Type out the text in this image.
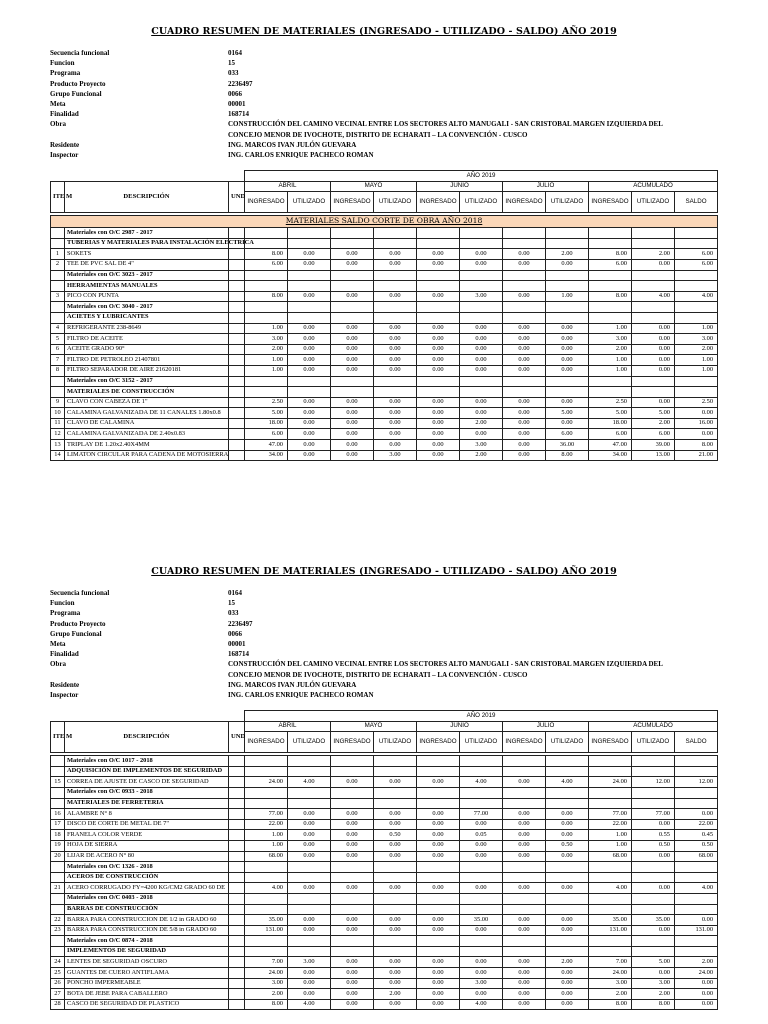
CUADRO RESUMEN DE MATERIALES (INGRESADO - UTILIZADO - SALDO) AÑO 2019
Secuencia funcional	0164
Funcion	15
Programa	033
Producto Proyecto	2236497
Grupo Funcional	0066
Meta	00001
Finalidad	168714
Obra	CONSTRUCCIÓN DEL CAMINO VECINAL ENTRE LOS SECTORES ALTO MANUGALI - SAN CRISTOBAL MARGEN IZQUIERDA DEL CONCEJO MENOR DE IVOCHOTE, DISTRITO DE ECHARATI – LA CONVENCIÓN - CUSCO
Residente	ING. MARCOS IVAN JULÓN GUEVARA
Inspector	ING. CARLOS ENRIQUE PACHECO ROMAN
			AÑO 2019										
ITE M	DESCRIPCIÓN	UND	ABRIL		MAYO		JUNIO		JULIO		ACUMULADO		
			INGRESADO	UTILIZADO	INGRESADO	UTILIZADO	INGRESADO	UTILIZADO	INGRESADO	UTILIZADO	INGRESADO	UTILIZADO	SALDO

MATERIALES SALDO CORTE DE OBRA AÑO 2018													
	Materiales con O/C 2987 - 2017												
	TUBERIAS Y MATERIALES PARA INSTALACIÓN ELECTRICA												
1	SOKETS		8.00	0.00	0.00	0.00	0.00	0.00	0.00	2.00	8.00	2.00	6.00
2	TEE DE PVC SAL DE 4"		6.00	0.00	0.00	0.00	0.00	0.00	0.00	0.00	6.00	0.00	6.00
	Materiales con O/C 3023 - 2017												
	HERRAMIENTAS MANUALES												
3	PICO CON PUNTA		8.00	0.00	0.00	0.00	0.00	3.00	0.00	1.00	8.00	4.00	4.00
	Materiales con O/C 3040 - 2017												
	ACIETES Y LUBRICANTES												
4	REFRIGERANTE 238-8649		1.00	0.00	0.00	0.00	0.00	0.00	0.00	0.00	1.00	0.00	1.00
5	FILTRO DE ACEITE		3.00	0.00	0.00	0.00	0.00	0.00	0.00	0.00	3.00	0.00	3.00
6	ACEITE GRADO 90°		2.00	0.00	0.00	0.00	0.00	0.00	0.00	0.00	2.00	0.00	2.00
7	FILTRO DE PETROLEO 21407801		1.00	0.00	0.00	0.00	0.00	0.00	0.00	0.00	1.00	0.00	1.00
8	FILTRO SEPARADOR DE AIRE 21620181		1.00	0.00	0.00	0.00	0.00	0.00	0.00	0.00	1.00	0.00	1.00
	Materiales con O/C 3152 - 2017												
	MATERIALES DE CONSTRUCCIÓN												
9	CLAVO CON CABEZA DE 1"		2.50	0.00	0.00	0.00	0.00	0.00	0.00	0.00	2.50	0.00	2.50
10	CALAMINA GALVANIZADA DE 11 CANALES 1.80x0.8		5.00	0.00	0.00	0.00	0.00	0.00	0.00	5.00	5.00	5.00	0.00
11	CLAVO DE CALAMINA		18.00	0.00	0.00	0.00	0.00	2.00	0.00	0.00	18.00	2.00	16.00
12	CALAMINA GALVANIZADA DE 2.40x0.83		6.00	0.00	0.00	0.00	0.00	0.00	0.00	6.00	6.00	6.00	0.00
13	TRIPLAY DE 1.20x2.40X4MM		47.00	0.00	0.00	0.00	0.00	3.00	0.00	36.00	47.00	39.00	8.00
14	LIMATON CIRCULAR PARA CADENA DE MOTOSIERRA		34.00	0.00	0.00	3.00	0.00	2.00	0.00	8.00	34.00	13.00	21.00
CUADRO RESUMEN DE MATERIALES (INGRESADO - UTILIZADO - SALDO) AÑO 2019
Secuencia funcional	0164
Funcion	15
Programa	033
Producto Proyecto	2236497
Grupo Funcional	0066
Meta	00001
Finalidad	168714
Obra	CONSTRUCCIÓN DEL CAMINO VECINAL ENTRE LOS SECTORES ALTO MANUGALI - SAN CRISTOBAL MARGEN IZQUIERDA DEL CONCEJO MENOR DE IVOCHOTE, DISTRITO DE ECHARATI – LA CONVENCIÓN - CUSCO
Residente	ING. MARCOS IVAN JULÓN GUEVARA
Inspector	ING. CARLOS ENRIQUE PACHECO ROMAN
			AÑO 2019										
ITE M	DESCRIPCIÓN	UND	ABRIL		MAYO		JUNIO		JULIO		ACUMULADO		
			INGRESADO	UTILIZADO	INGRESADO	UTILIZADO	INGRESADO	UTILIZADO	INGRESADO	UTILIZADO	INGRESADO	UTILIZADO	SALDO

	Materiales con O/C 1017 - 2018												
	ADQUISICIÓN DE IMPLEMENTOS DE SEGURIDAD												
15	CORREA DE AJUSTE DE CASCO DE SEGURIDAD		24.00	4.00	0.00	0.00	0.00	4.00	0.00	4.00	24.00	12.00	12.00
	Materiales con O/C 0933 - 2018												
	MATERIALES DE FERRETERIA												
16	ALAMBRE N° 8		77.00	0.00	0.00	0.00	0.00	77.00	0.00	0.00	77.00	77.00	0.00
17	DISCO DE CORTE DE METAL DE 7"		22.00	0.00	0.00	0.00	0.00	0.00	0.00	0.00	22.00	0.00	22.00
18	FRANELA COLOR VERDE		1.00	0.00	0.00	0.50	0.00	0.05	0.00	0.00	1.00	0.55	0.45
19	HOJA DE SIERRA		1.00	0.00	0.00	0.00	0.00	0.00	0.00	0.50	1.00	0.50	0.50
20	LIJAR DE ACERO N° 80		68.00	0.00	0.00	0.00	0.00	0.00	0.00	0.00	68.00	0.00	68.00
	Materiales con O/C 1326 - 2018												
	ACEROS DE CONSTRUCCIÓN												
21	ACERO CORRUGADO FY=4200 KG/CM2 GRADO 60 DE		4.00	0.00	0.00	0.00	0.00	0.00	0.00	0.00	4.00	0.00	4.00
	Materiales con O/C 0403 - 2018												
	BARRAS DE CONSTRUCCIÓN												
22	BARRA PARA CONSTRUCCION DE 1/2 in GRADO 60		35.00	0.00	0.00	0.00	0.00	35.00	0.00	0.00	35.00	35.00	0.00
23	BARRA PARA CONSTRUCCION DE 5/8 in GRADO 60		131.00	0.00	0.00	0.00	0.00	0.00	0.00	0.00	131.00	0.00	131.00
	Materiales con O/C 0874 - 2018												
	IMPLEMENTOS DE SEGURIDAD												
24	LENTES DE SEGURIDAD OSCURO		7.00	3.00	0.00	0.00	0.00	0.00	0.00	2.00	7.00	5.00	2.00
25	GUANTES DE CUERO ANTIFLAMA		24.00	0.00	0.00	0.00	0.00	0.00	0.00	0.00	24.00	0.00	24.00
26	PONCHO IMPERMEABLE		3.00	0.00	0.00	0.00	0.00	3.00	0.00	0.00	3.00	3.00	0.00
27	BOTA DE JEBE PARA CABALLERO		2.00	0.00	0.00	2.00	0.00	0.00	0.00	0.00	2.00	2.00	0.00
28	CASCO DE SEGURIDAD DE PLASTICO		8.00	4.00	0.00	0.00	0.00	4.00	0.00	0.00	8.00	8.00	0.00
